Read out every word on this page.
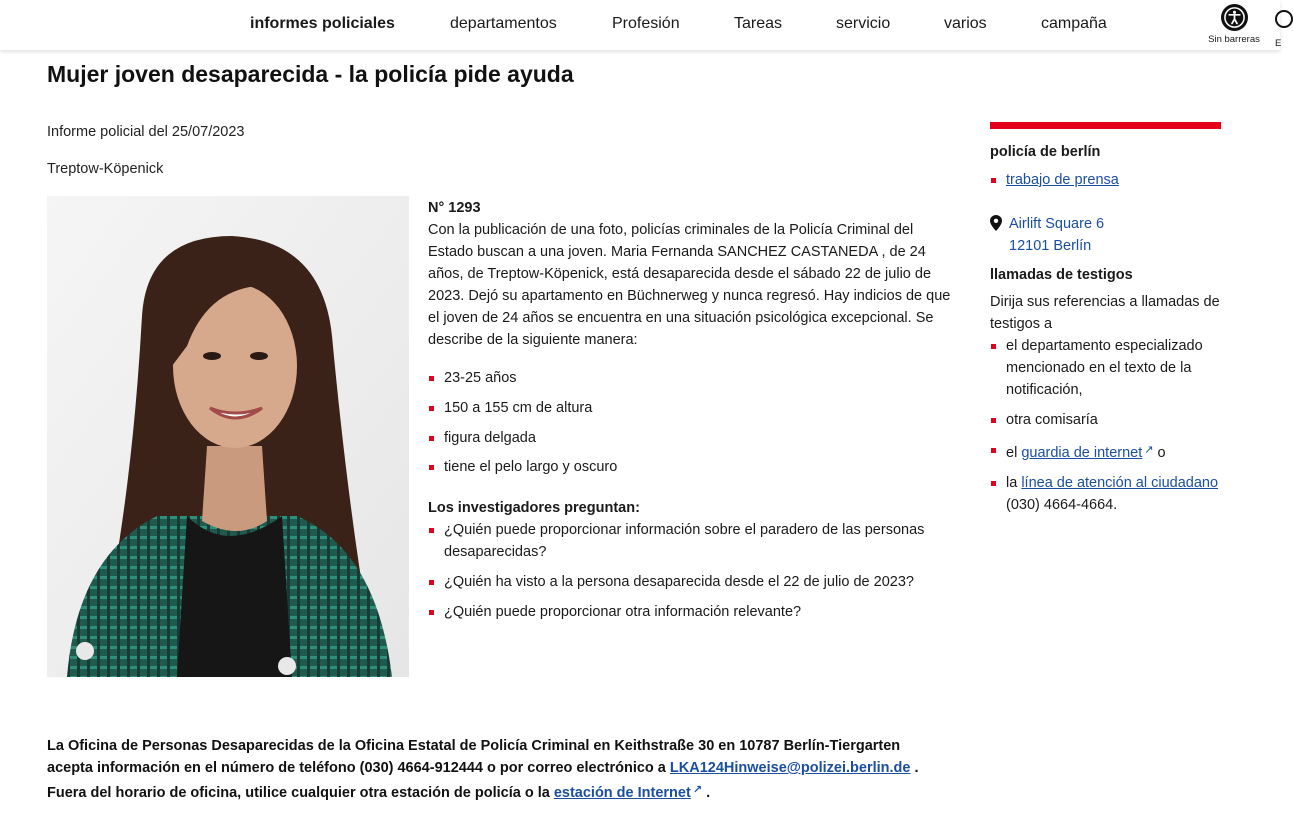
informes policiales	departamentos	Profesión	Tareas	servicio	varios	campaña
Sin barreras	E
Mujer joven desaparecida - la policía pide ayuda
Informe policial del 25/07/2023
Treptow-Köpenick
N° 1293

Con la publicación de una foto, policías criminales de la Policía Criminal del Estado buscan a una joven. Maria Fernanda SANCHEZ CASTANEDA , de 24 años, de Treptow-Köpenick, está desaparecida desde el sábado 22 de julio de 2023. Dejó su apartamento en Büchnerweg y nunca regresó. Hay indicios de que el joven de 24 años se encuentra en una situación psicológica excepcional. Se describe de la siguiente manera:

23-25 años
150 a 155 cm de altura
figura delgada
tiene el pelo largo y oscuro
Los investigadores preguntan:
¿Quién puede proporcionar información sobre el paradero de las personas desaparecidas?
¿Quién ha visto a la persona desaparecida desde el 22 de julio de 2023?
¿Quién puede proporcionar otra información relevante?
policía de berlín
trabajo de prensa
Airlift Square 6
12101 Berlín
llamadas de testigos

Dirija sus referencias a llamadas de testigos a

el departamento especializado mencionado en el texto de la notificación,
otra comisaría
el guardia de internet ↗ o
la línea de atención al ciudadano
(030) 4664-4664.
La Oficina de Personas Desaparecidas de la Oficina Estatal de Policía Criminal en Keithstraße 30 en 10787 Berlín-Tiergarten
acepta información en el número de teléfono (030) 4664-912444 o por correo electrónico a LKA124Hinweise@polizei.berlin.de .
Fuera del horario de oficina, utilice cualquier otra estación de policía o la estación de Internet ↗ .
